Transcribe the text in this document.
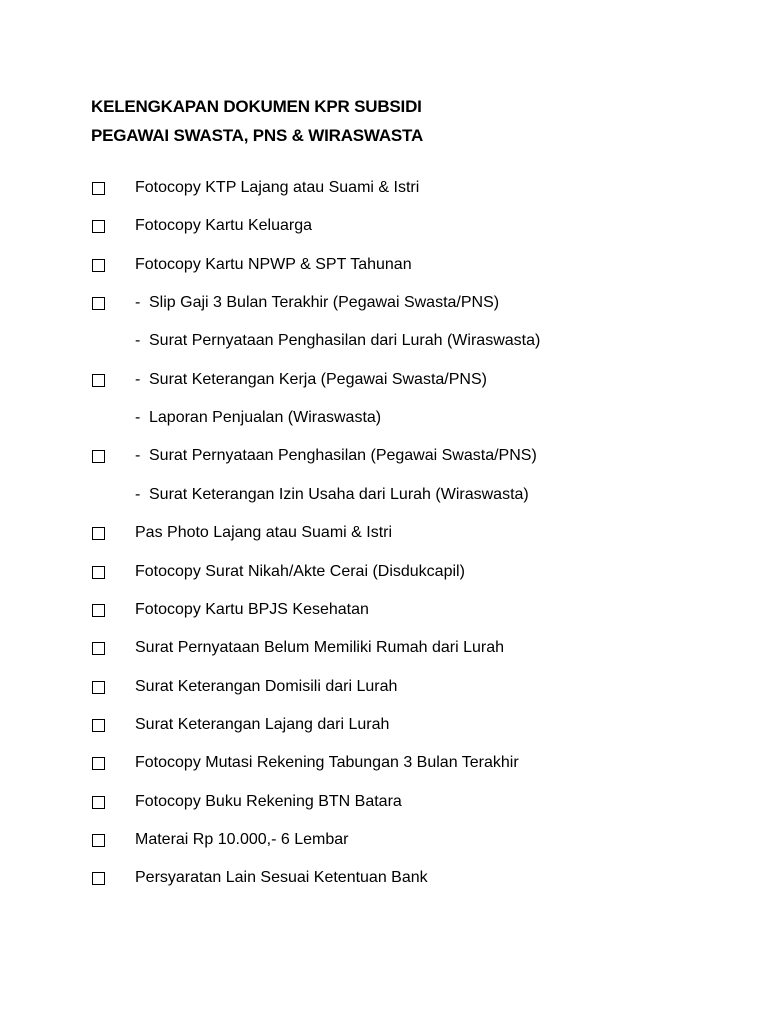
KELENGKAPAN DOKUMEN KPR SUBSIDI
PEGAWAI SWASTA, PNS & WIRASWASTA
Fotocopy KTP Lajang atau Suami & Istri
Fotocopy Kartu Keluarga
Fotocopy Kartu NPWP & SPT Tahunan
- Slip Gaji 3 Bulan Terakhir (Pegawai Swasta/PNS)
- Surat Pernyataan Penghasilan dari Lurah (Wiraswasta)
- Surat Keterangan Kerja (Pegawai Swasta/PNS)
- Laporan Penjualan (Wiraswasta)
- Surat Pernyataan Penghasilan (Pegawai Swasta/PNS)
- Surat Keterangan Izin Usaha dari Lurah (Wiraswasta)
Pas Photo Lajang atau Suami & Istri
Fotocopy Surat Nikah/Akte Cerai (Disdukcapil)
Fotocopy Kartu BPJS Kesehatan
Surat Pernyataan Belum Memiliki Rumah dari Lurah
Surat Keterangan Domisili dari Lurah
Surat Keterangan Lajang dari Lurah
Fotocopy Mutasi Rekening Tabungan 3 Bulan Terakhir
Fotocopy Buku Rekening BTN Batara
Materai Rp 10.000,- 6 Lembar
Persyaratan Lain Sesuai Ketentuan Bank
